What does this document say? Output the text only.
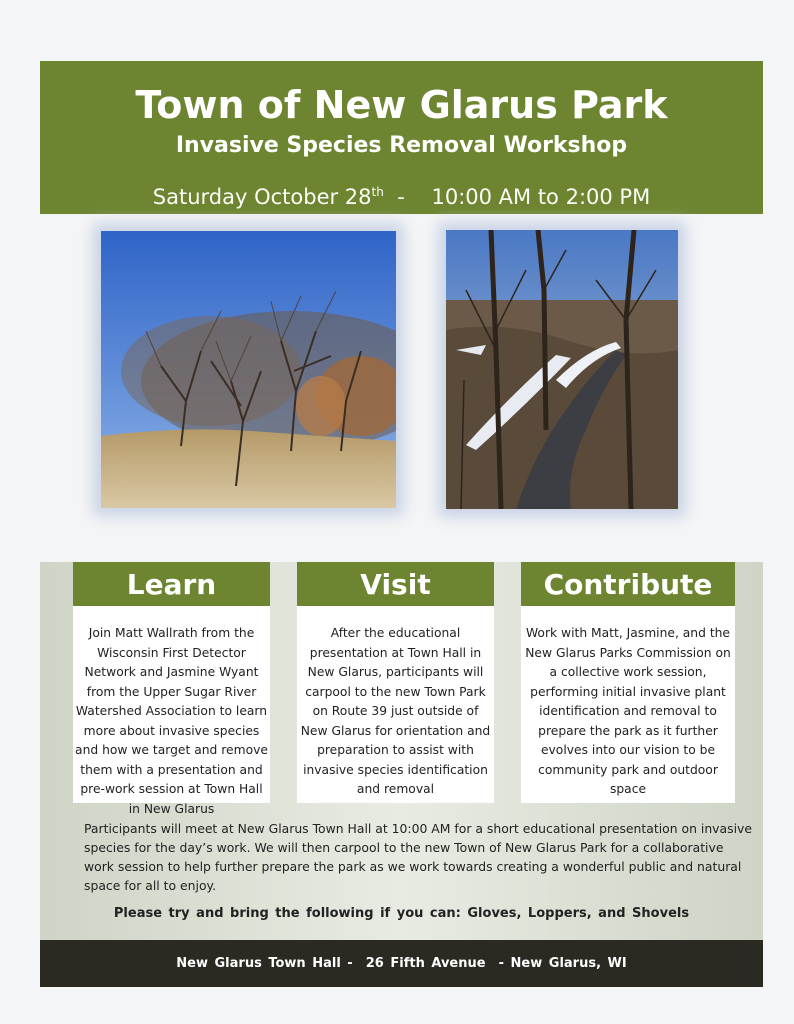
Town of New Glarus Park
Invasive Species Removal Workshop
Saturday October 28th  -    10:00 AM to 2:00 PM
Learn	Visit	Contribute
Join Matt Wallrath from the Wisconsin First Detector Network and Jasmine Wyant from the Upper Sugar River Watershed Association to learn more about invasive species and how we target and remove them with a presentation and pre-work session at Town Hall in New Glarus
After the educational presentation at Town Hall in New Glarus, participants will carpool to the new Town Park on Route 39 just outside of New Glarus for orientation and preparation to assist with invasive species identification and removal
Work with Matt, Jasmine, and the New Glarus Parks Commission on a collective work session, performing initial invasive plant identification and removal to prepare the park as it further evolves into our vision to be community park and outdoor space
Participants will meet at New Glarus Town Hall at 10:00 AM for a short educational presentation on invasive species for the day’s work. We will then carpool to the new Town of New Glarus Park for a collaborative work session to help further prepare the park as we work towards creating a wonderful public and natural space for all to enjoy.
Please try and bring the following if you can: Gloves, Loppers, and Shovels
New Glarus Town Hall -  26 Fifth Avenue  - New Glarus, WI
